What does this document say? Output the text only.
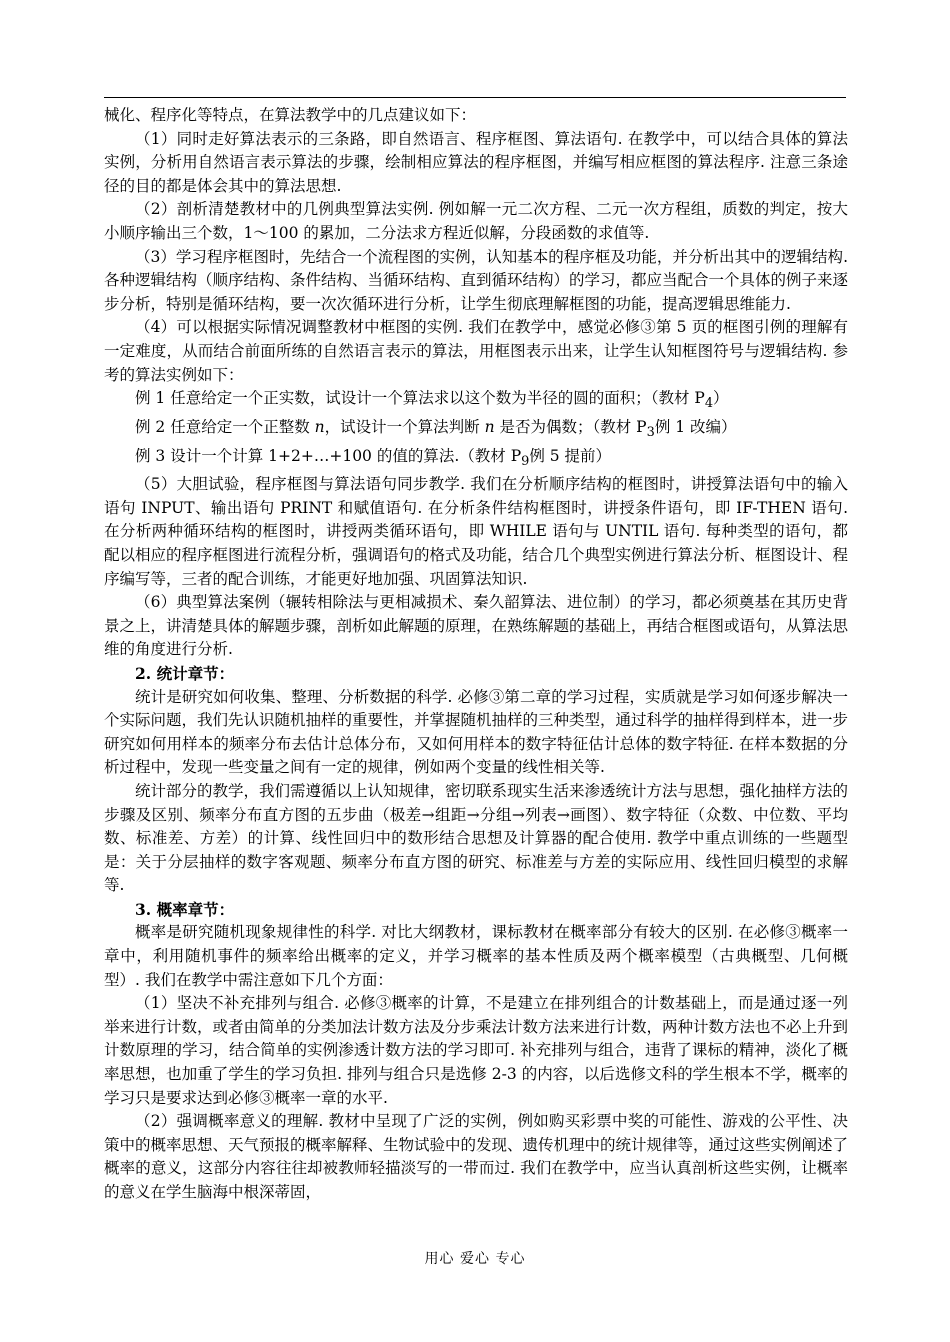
械化、程序化等特点，在算法教学中的几点建议如下：

（1）同时走好算法表示的三条路，即自然语言、程序框图、算法语句. 在教学中，可以结合具体的算法实例，分析用自然语言表示算法的步骤，绘制相应算法的程序框图，并编写相应框图的算法程序. 注意三条途径的目的都是体会其中的算法思想.

（2）剖析清楚教材中的几例典型算法实例. 例如解一元二次方程、二元一次方程组，质数的判定，按大小顺序输出三个数，1～100 的累加，二分法求方程近似解，分段函数的求值等.

（3）学习程序框图时，先结合一个流程图的实例，认知基本的程序框及功能，并分析出其中的逻辑结构. 各种逻辑结构（顺序结构、条件结构、当循环结构、直到循环结构）的学习，都应当配合一个具体的例子来逐步分析，特别是循环结构，要一次次循环进行分析，让学生彻底理解框图的功能，提高逻辑思维能力.

（4）可以根据实际情况调整教材中框图的实例. 我们在教学中，感觉必修③第 5 页的框图引例的理解有一定难度，从而结合前面所练的自然语言表示的算法，用框图表示出来，让学生认知框图符号与逻辑结构. 参考的算法实例如下：

例 1 任意给定一个正实数，试设计一个算法求以这个数为半径的圆的面积；（教材 $P_4$）

例 2 任意给定一个正整数 n，试设计一个算法判断 n 是否为偶数；（教材 $P_3$例 1 改编）

例 3 设计一个计算 1+2+…+100 的值的算法.（教材 $P_9$例 5 提前）

（5）大胆试验，程序框图与算法语句同步教学. 我们在分析顺序结构的框图时，讲授算法语句中的输入语句 INPUT、输出语句 PRINT 和赋值语句. 在分析条件结构框图时，讲授条件语句，即 IF-THEN 语句. 在分析两种循环结构的框图时，讲授两类循环语句，即 WHILE 语句与 UNTIL 语句. 每种类型的语句，都配以相应的程序框图进行流程分析，强调语句的格式及功能，结合几个典型实例进行算法分析、框图设计、程序编写等，三者的配合训练，才能更好地加强、巩固算法知识.

（6）典型算法案例（辗转相除法与更相减损术、秦久韶算法、进位制）的学习，都必须奠基在其历史背景之上，讲清楚具体的解题步骤，剖析如此解题的原理，在熟练解题的基础上，再结合框图或语句，从算法思维的角度进行分析.

2. 统计章节：

统计是研究如何收集、整理、分析数据的科学. 必修③第二章的学习过程，实质就是学习如何逐步解决一个实际问题，我们先认识随机抽样的重要性，并掌握随机抽样的三种类型，通过科学的抽样得到样本，进一步研究如何用样本的频率分布去估计总体分布，又如何用样本的数字特征估计总体的数字特征. 在样本数据的分析过程中，发现一些变量之间有一定的规律，例如两个变量的线性相关等.

统计部分的教学，我们需遵循以上认知规律，密切联系现实生活来渗透统计方法与思想，强化抽样方法的步骤及区别、频率分布直方图的五步曲（极差→组距→分组→列表→画图）、数字特征（众数、中位数、平均数、标准差、方差）的计算、线性回归中的数形结合思想及计算器的配合使用. 教学中重点训练的一些题型是：关于分层抽样的数字客观题、频率分布直方图的研究、标准差与方差的实际应用、线性回归模型的求解等.

3. 概率章节：

概率是研究随机现象规律性的科学. 对比大纲教材，课标教材在概率部分有较大的区别. 在必修③概率一章中，利用随机事件的频率给出概率的定义，并学习概率的基本性质及两个概率模型（古典概型、几何概型）. 我们在教学中需注意如下几个方面：

（1）坚决不补充排列与组合. 必修③概率的计算，不是建立在排列组合的计数基础上，而是通过逐一列举来进行计数，或者由简单的分类加法计数方法及分步乘法计数方法来进行计数，两种计数方法也不必上升到计数原理的学习，结合简单的实例渗透计数方法的学习即可. 补充排列与组合，违背了课标的精神，淡化了概率思想，也加重了学生的学习负担. 排列与组合只是选修 2-3 的内容，以后选修文科的学生根本不学，概率的学习只是要求达到必修③概率一章的水平.

（2）强调概率意义的理解. 教材中呈现了广泛的实例，例如购买彩票中奖的可能性、游戏的公平性、决策中的概率思想、天气预报的概率解释、生物试验中的发现、遗传机理中的统计规律等，通过这些实例阐述了概率的意义，这部分内容往往却被教师轻描淡写的一带而过. 我们在教学中，应当认真剖析这些实例，让概率的意义在学生脑海中根深蒂固，

用心 爱心 专心
